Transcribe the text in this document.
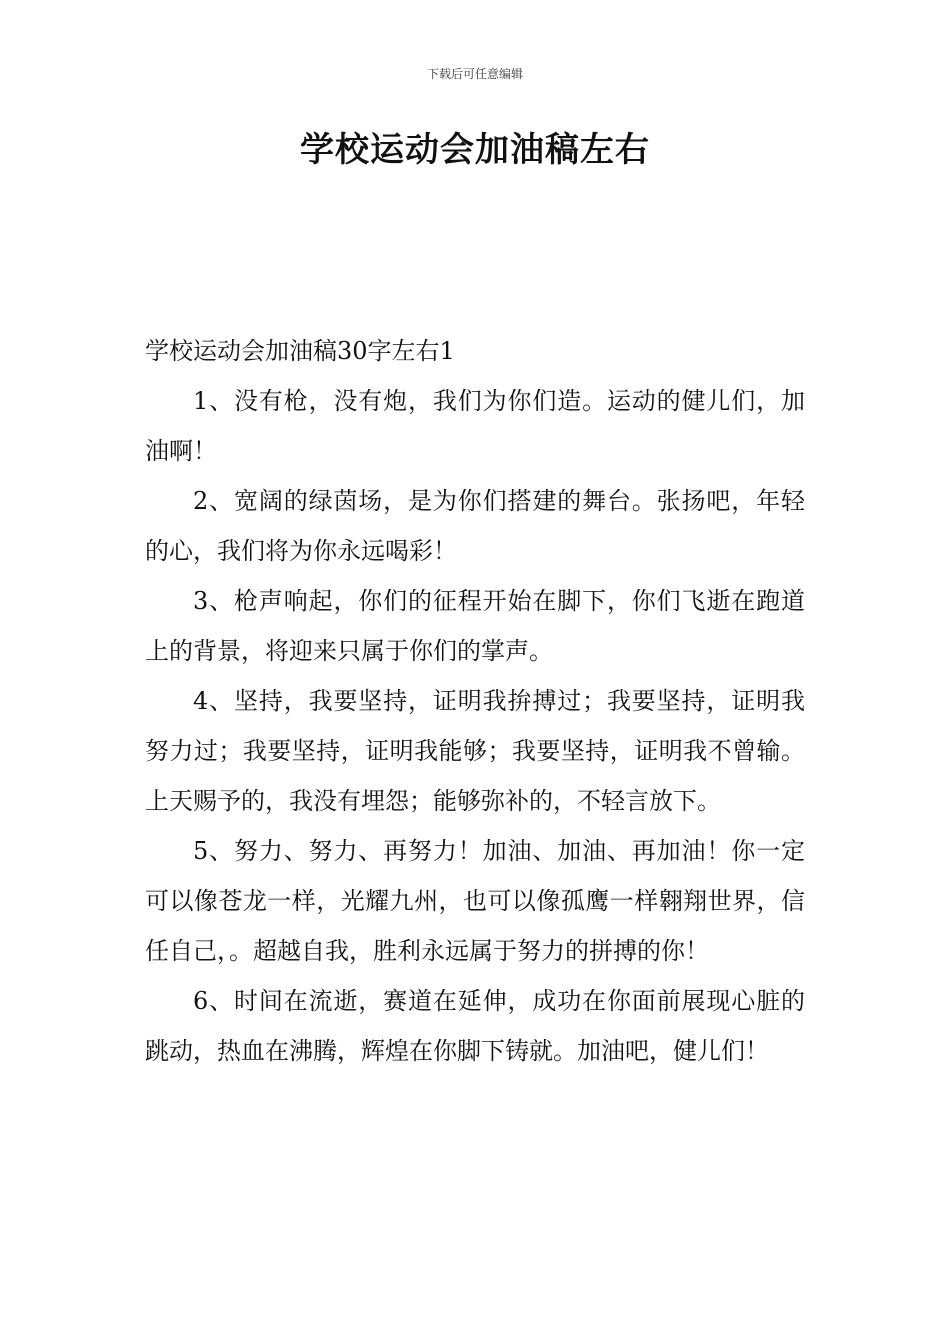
下载后可任意编辑
学校运动会加油稿左右

学校运动会加油稿30字左右1

1、没有枪，没有炮，我们为你们造。运动的健儿们，加油啊！

2、宽阔的绿茵场，是为你们搭建的舞台。张扬吧，年轻的心，我们将为你永远喝彩！

3、枪声响起，你们的征程开始在脚下，你们飞逝在跑道上的背景，将迎来只属于你们的掌声。

4、坚持，我要坚持，证明我拚搏过；我要坚持，证明我努力过；我要坚持，证明我能够；我要坚持，证明我不曾输。上天赐予的，我没有埋怨；能够弥补的，不轻言放下。

5、努力、努力、再努力！加油、加油、再加油！你一定可以像苍龙一样，光耀九州，也可以像孤鹰一样翱翔世界，信任自己，。超越自我，胜利永远属于努力的拼搏的你！

6、时间在流逝，赛道在延伸，成功在你面前展现心脏的跳动，热血在沸腾，辉煌在你脚下铸就。加油吧，健儿们！
